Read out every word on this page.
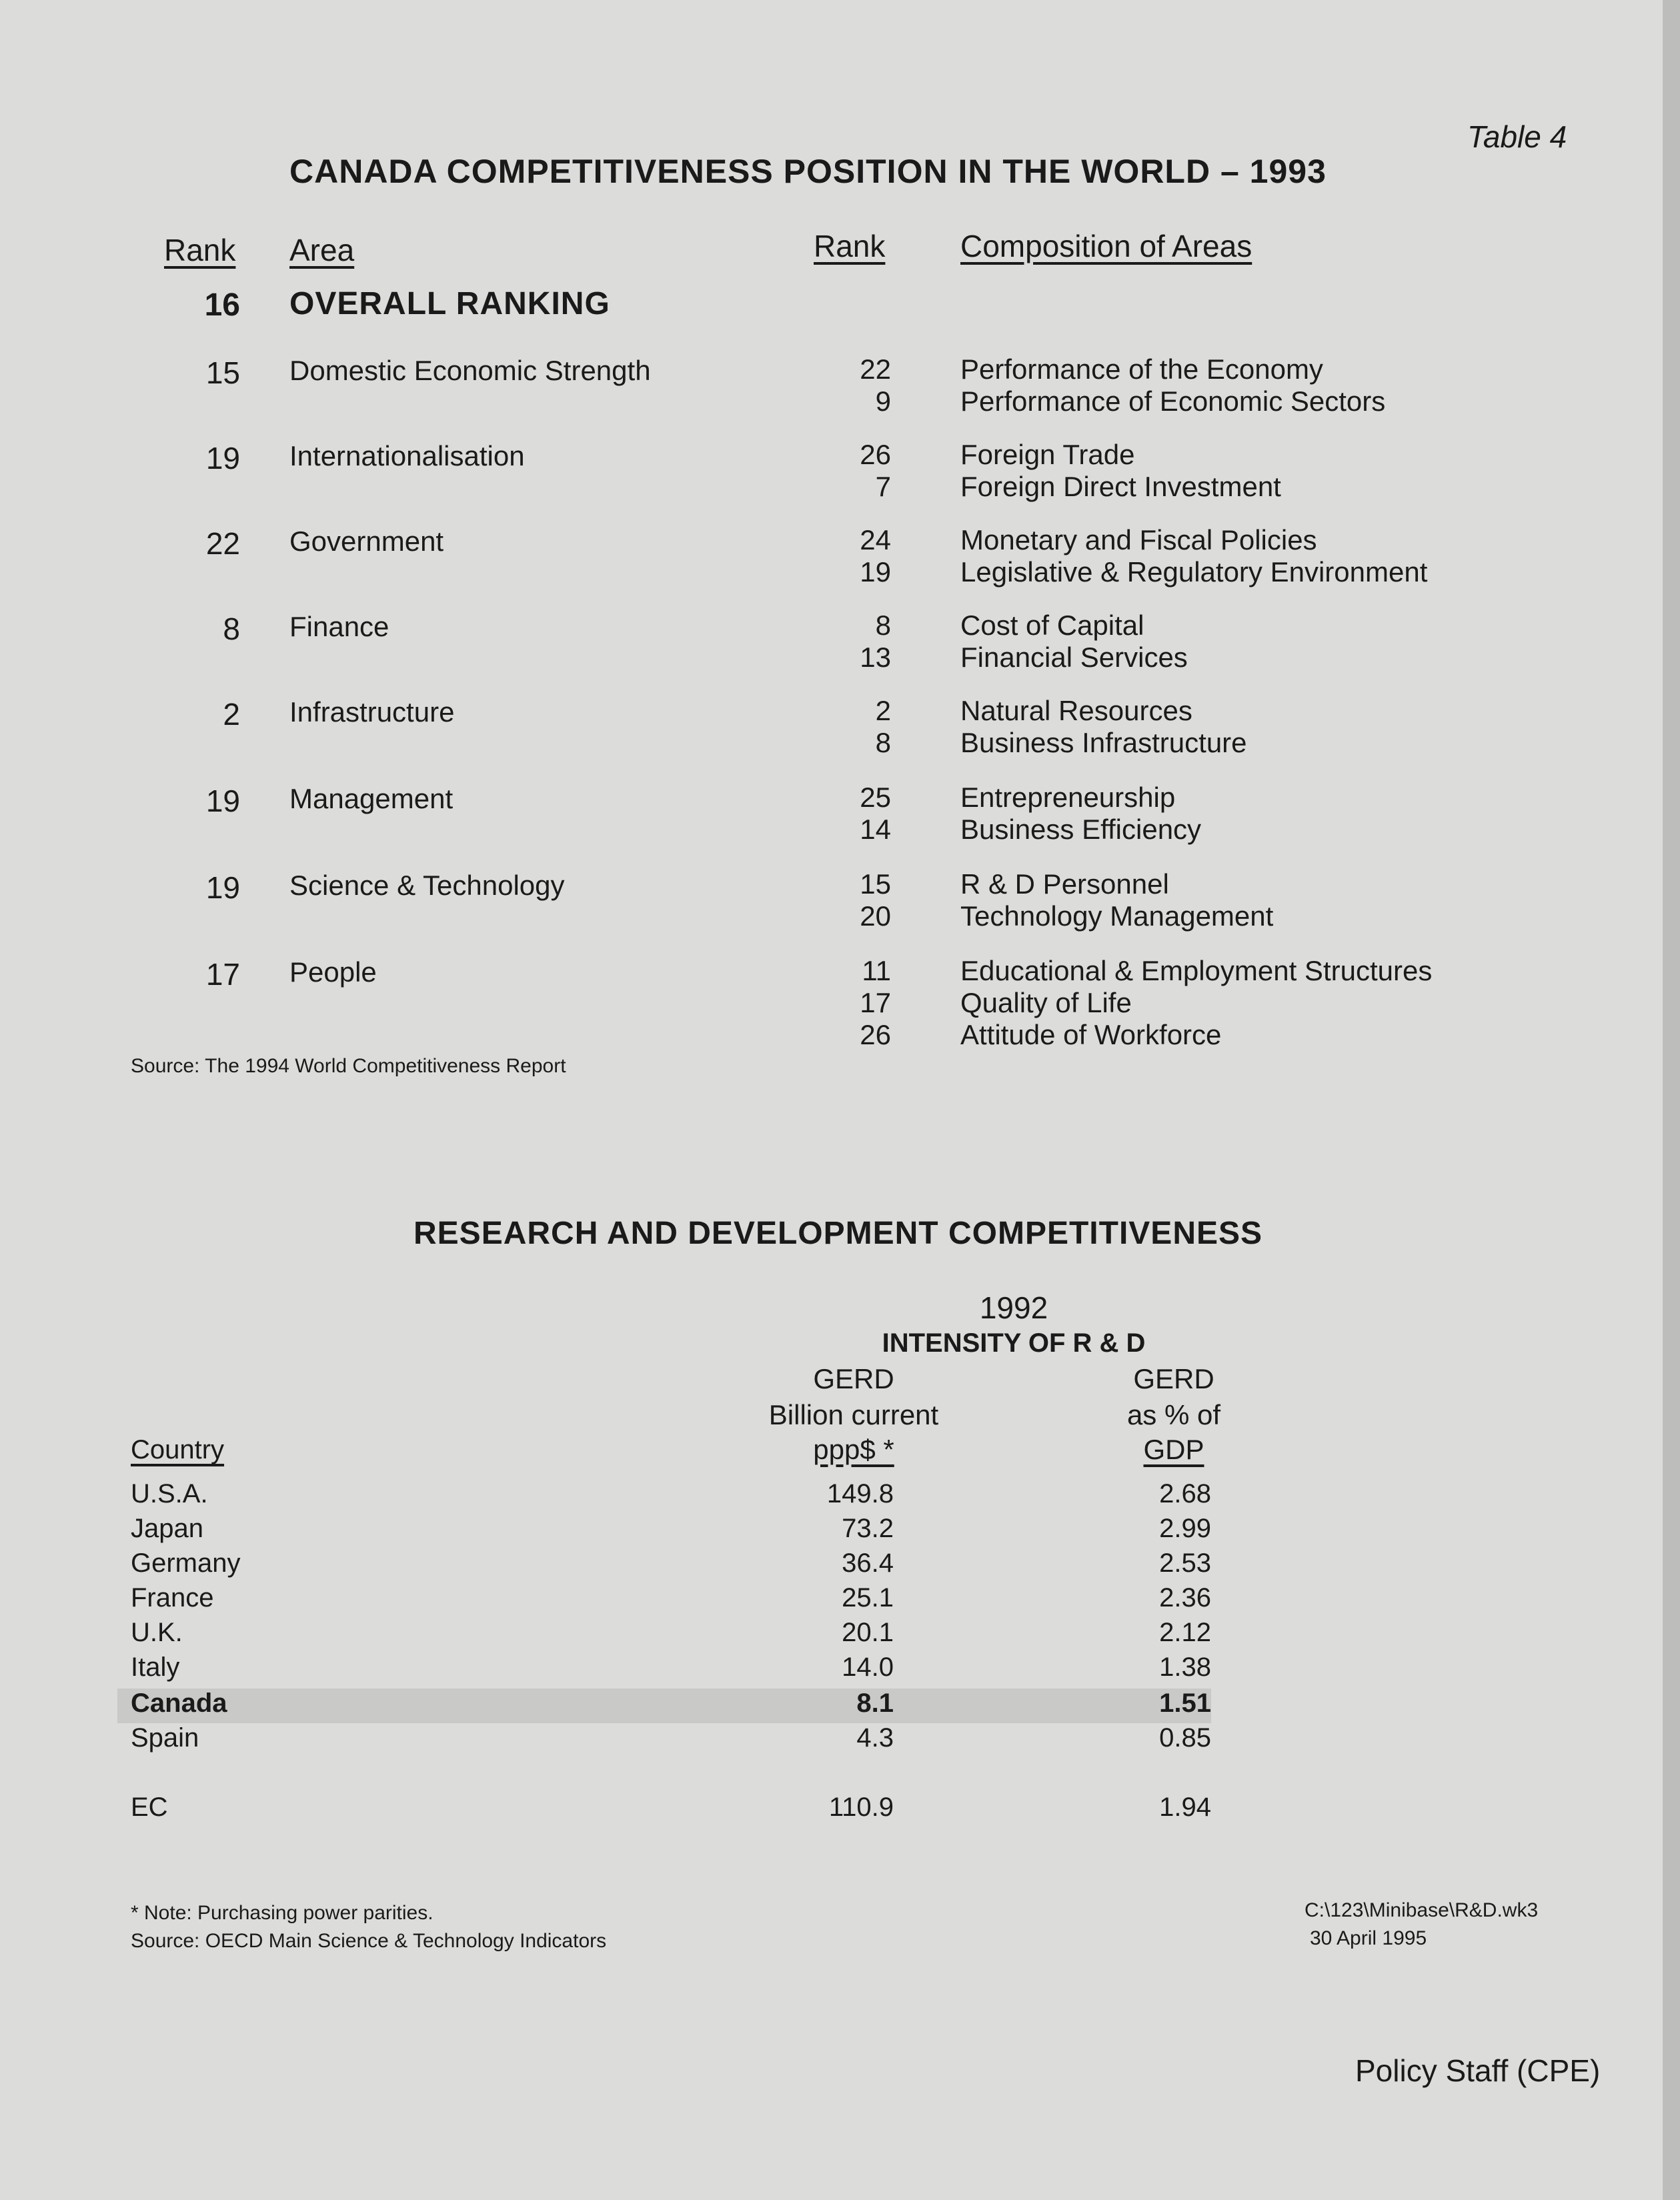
Table 4
CANADA COMPETITIVENESS POSITION IN THE WORLD – 1993
Rank Area	Rank Composition of Areas
16 OVERALL RANKING
15 Domestic Economic Strength	22 Performance of the Economy
9 Performance of Economic Sectors
19 Internationalisation	26 Foreign Trade
7 Foreign Direct Investment
22 Government	24 Monetary and Fiscal Policies
19 Legislative & Regulatory Environment
8 Finance	8 Cost of Capital
13 Financial Services
2 Infrastructure	2 Natural Resources
8 Business Infrastructure
19 Management	25 Entrepreneurship
14 Business Efficiency
19 Science & Technology	15 R & D Personnel
20 Technology Management
17 People	11 Educational & Employment Structures
17 Quality of Life
26 Attitude of Workforce
Source: The 1994 World Competitiveness Report
RESEARCH AND DEVELOPMENT COMPETITIVENESS
1992
INTENSITY OF R & D
GERD
Billion current
ppp$ *
GERD
as % of
GDP
Country
U.S.A.	149.8	2.68
Japan	73.2	2.99
Germany	36.4	2.53
France	25.1	2.36
U.K.	20.1	2.12
Italy	14.0	1.38
Canada	8.1	1.51
Spain	4.3	0.85
EC	110.9	1.94
* Note: Purchasing power parities.
Source: OECD Main Science & Technology Indicators
C:\123\Minibase\R&D.wk3
30 April 1995
Policy Staff (CPE)
